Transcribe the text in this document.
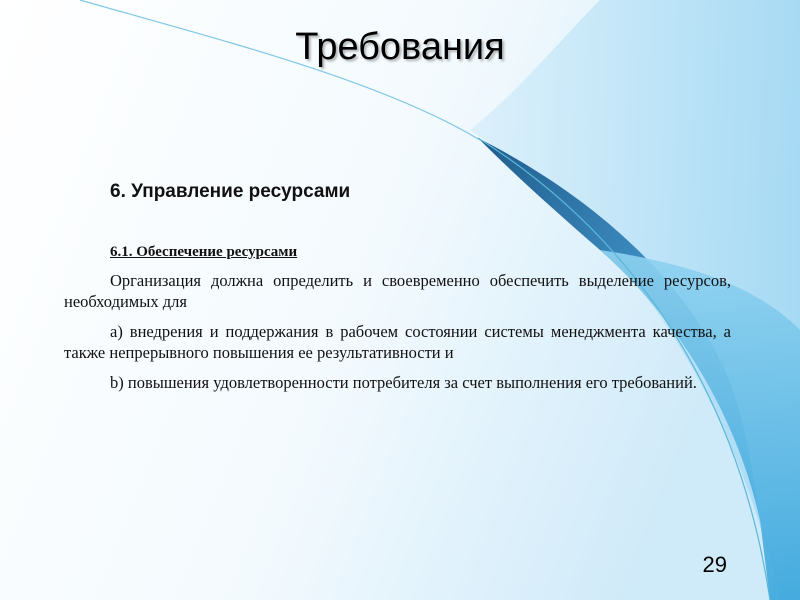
Требования
6. Управление ресурсами
6.1. Обеспечение ресурсами

Организация должна определить и своевременно обеспечить выделение ресурсов, необходимых для

a) внедрения и поддержания в рабочем состоянии системы менеджмента качества, а также непрерывного повышения ее результативности и

b) повышения удовлетворенности потребителя за счет выполнения его требований.

29
